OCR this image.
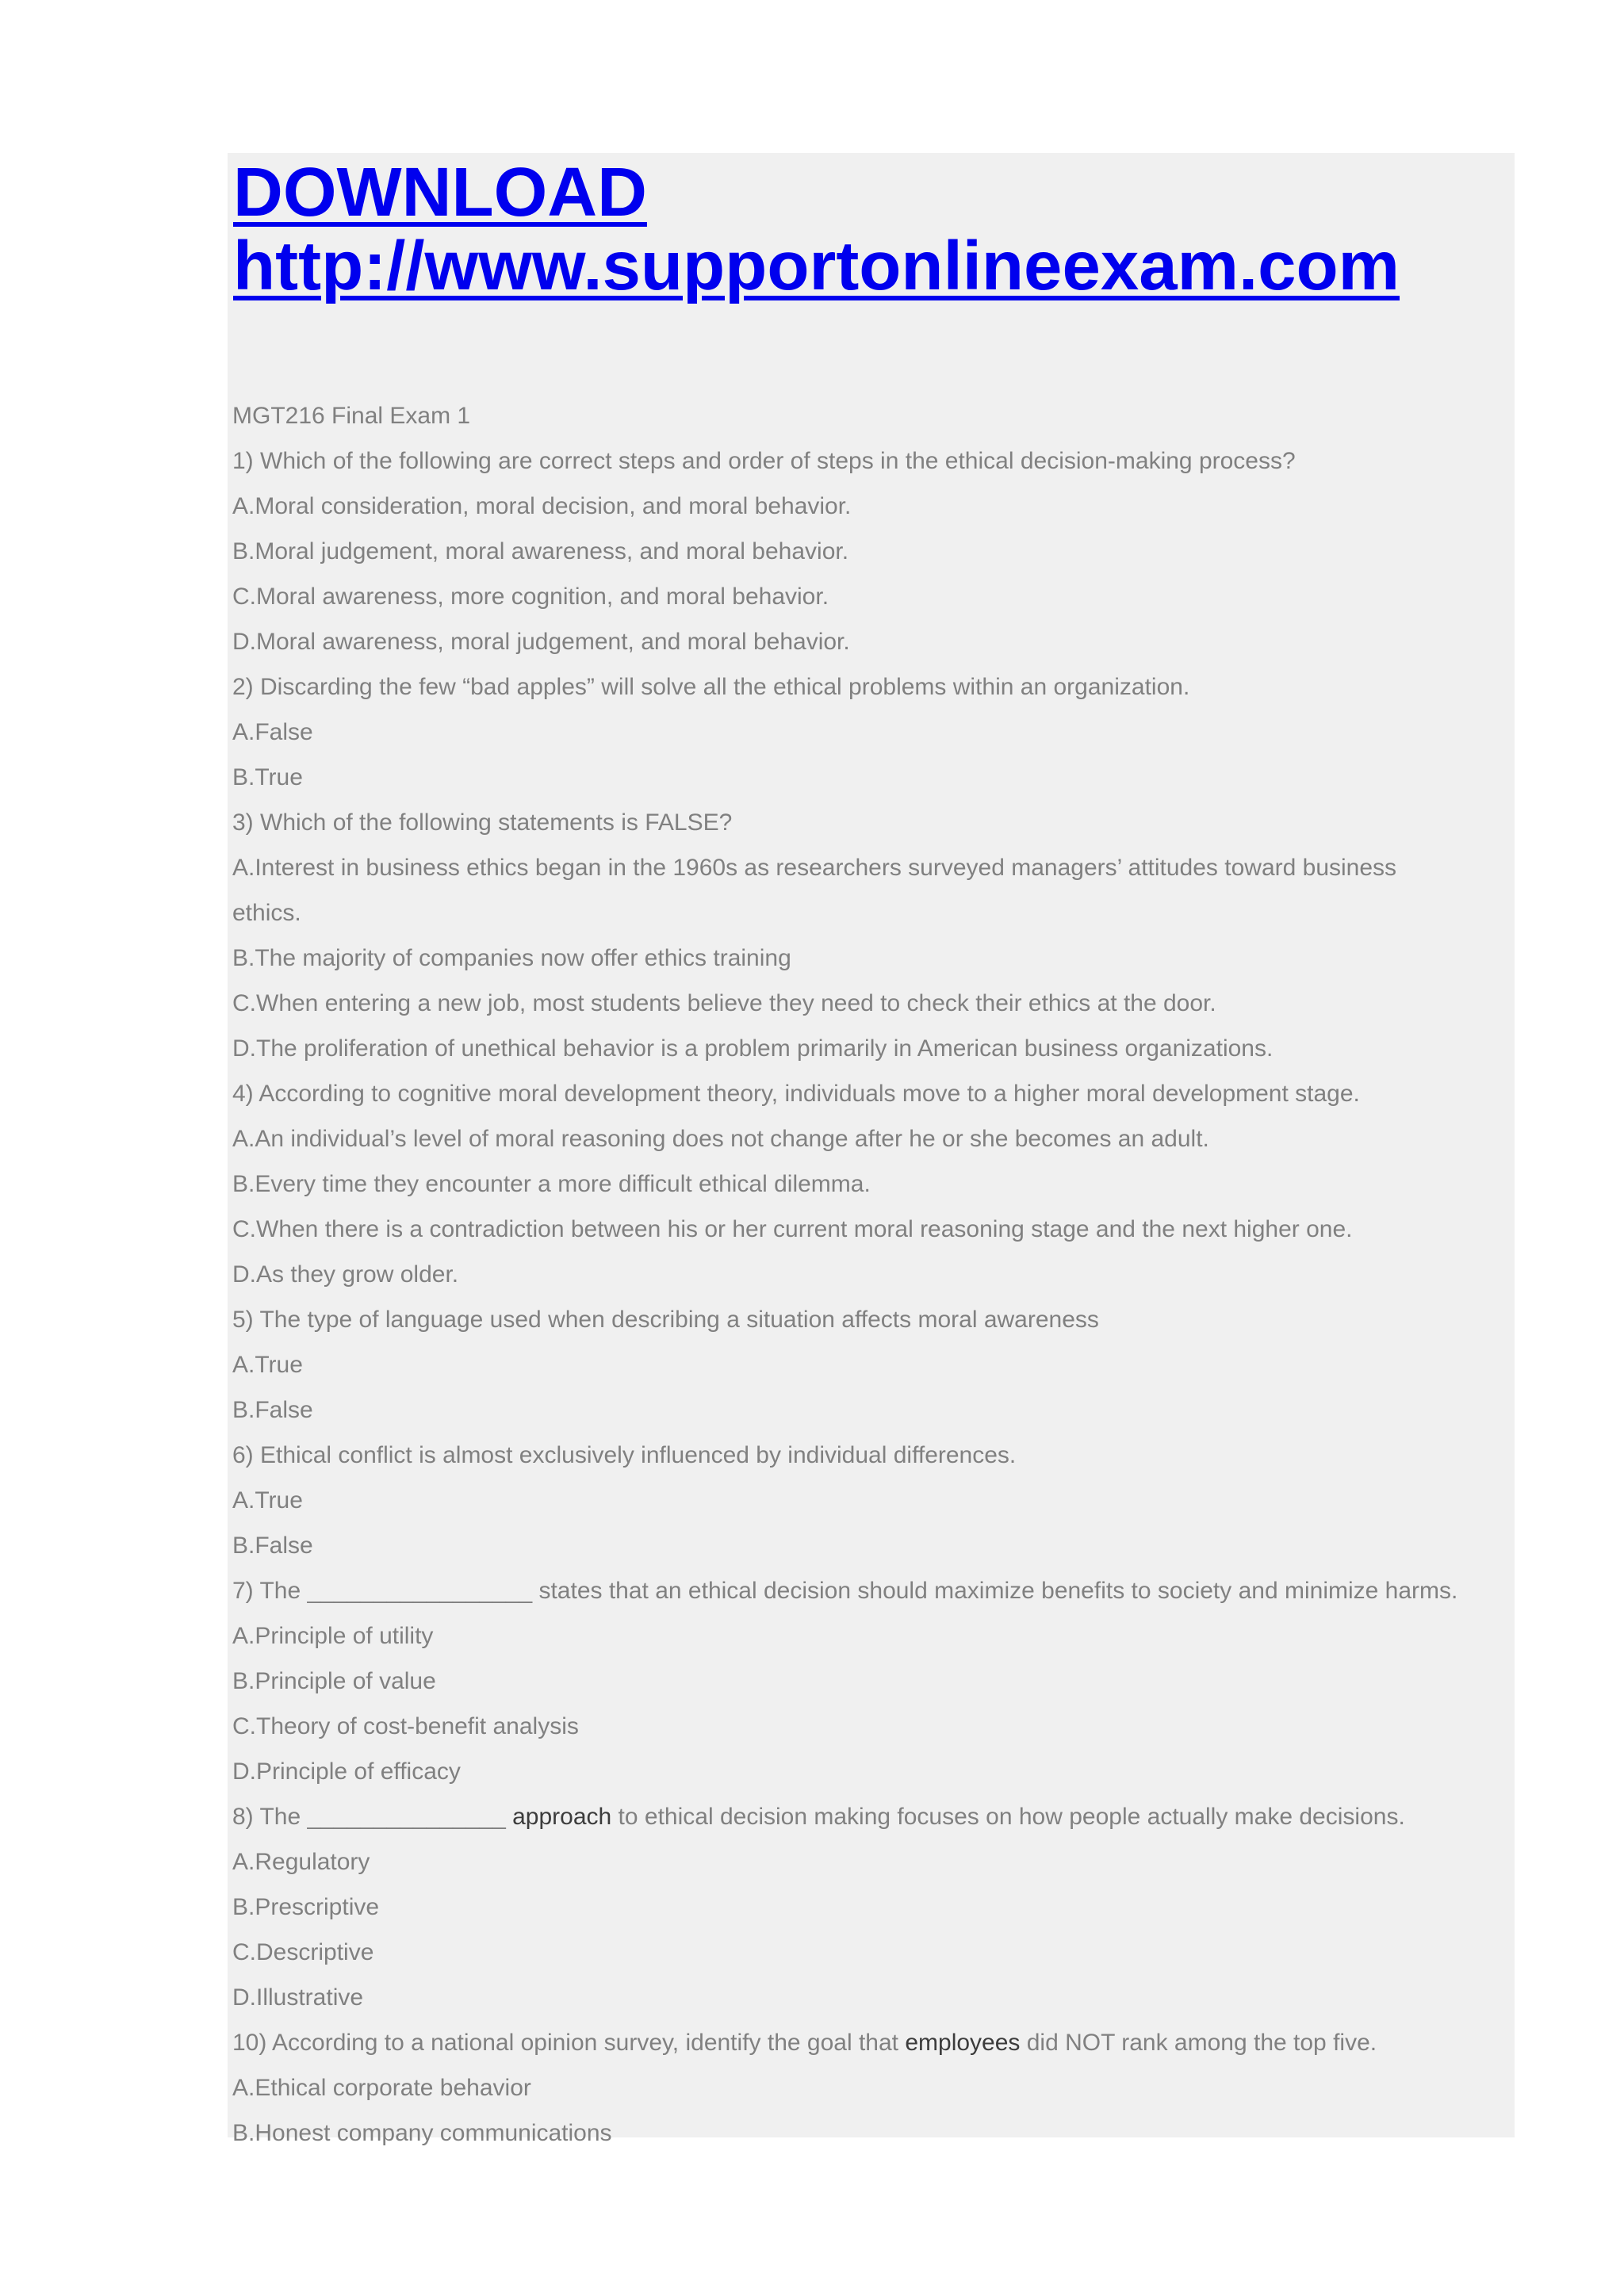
DOWNLOAD
http://www.supportonlineexam.com
MGT216 Final Exam 1
1) Which of the following are correct steps and order of steps in the ethical decision-making process?
A.Moral consideration, moral decision, and moral behavior.
B.Moral judgement, moral awareness, and moral behavior.
C.Moral awareness, more cognition, and moral behavior.
D.Moral awareness, moral judgement, and moral behavior.
2) Discarding the few “bad apples” will solve all the ethical problems within an organization.
A.False
B.True
3) Which of the following statements is FALSE?
A.Interest in business ethics began in the 1960s as researchers surveyed managers’ attitudes toward business
ethics.
B.The majority of companies now offer ethics training
C.When entering a new job, most students believe they need to check their ethics at the door.
D.The proliferation of unethical behavior is a problem primarily in American business organizations.
4) According to cognitive moral development theory, individuals move to a higher moral development stage.
A.An individual’s level of moral reasoning does not change after he or she becomes an adult.
B.Every time they encounter a more difficult ethical dilemma.
C.When there is a contradiction between his or her current moral reasoning stage and the next higher one.
D.As they grow older.
5) The type of language used when describing a situation affects moral awareness
A.True
B.False
6) Ethical conflict is almost exclusively influenced by individual differences.
A.True
B.False
7) The _________________ states that an ethical decision should maximize benefits to society and minimize harms.
A.Principle of utility
B.Principle of value
C.Theory of cost-benefit analysis
D.Principle of efficacy
8) The _______________ approach to ethical decision making focuses on how people actually make decisions.
A.Regulatory
B.Prescriptive
C.Descriptive
D.Illustrative
10) According to a national opinion survey, identify the goal that employees did NOT rank among the top five.
A.Ethical corporate behavior
B.Honest company communications
